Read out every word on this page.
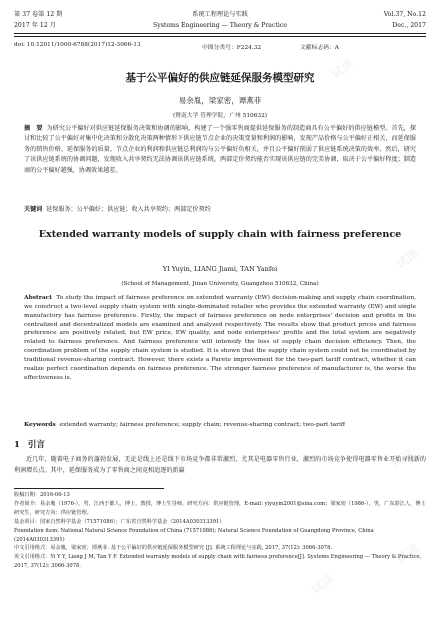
试读
试读
试读
试读
试读
试读
试读
第 37 卷第 12 期	系统工程理论与实践	Vol.37, No.12
2017 年 12 月	Systems Engineering — Theory & Practice	Dec., 2017
doi: 10.12011/1000-6788(2017)12-3066-13	中图分类号：F224.32	文献标志码：A
基于公平偏好的供应链延保服务模型研究
易余胤，梁家密，谭燕菲
(暨南大学 管理学院，广州 510632)
摘　要 为研究公平偏好对供应链延保服务决策和协调的影响，构建了一个强零售商提供延保服务的制造商具有公平偏好的供应链模型。首先，探讨和比较了公平偏好对集中化决策和分散化决策两种情形下供应链节点企业的决策变量和利润的影响，发现产品价格与公平偏好正相关，而延保服务的销售价格、延保服务的质量、节点企业的利润和供应链总利润均与公平偏好负相关，并且公平偏好削弱了供应链系统决策的效率。然后，研究了该供应链系统的协调问题，发现收入共享契约无法协调该供应链系统。两部定价契约能否实现该供应链的完美协调，取决于公平偏好程度；制造商的公平偏好越强，协调效果越差。
关键词 延保服务；公平偏好；供应链；收入共享契约；两部定价契约
Extended warranty models of supply chain with fairness preference
YI Yuyin, LIANG Jiami, TAN Yanfei
(School of Management, Jinan University, Guangzhou 510632, China)
Abstract To study the impact of fairness preference on extended warranty (EW) decision-making and supply chain coordination, we construct a two-level supply chain system with single-dominated retailer who provides the extended warranty (EW) and single manufactory has fairness preference. Firstly, the impact of fairness preference on node enterprises' decision and profits in the centralized and decentralized models are examined and analyzed respectively. The results show that product prices and fairness preference are positively related, but EW price, EW quality, and node enterprises' profits and the total system are negatively related to fairness preference. And fairness preference will intensify the loss of supply chain decision efficiency. Then, the coordination problem of the supply chain system is studied. It is shown that the supply chain system could not be coordinated by traditional revenue-sharing contract. However, there exists a Pareto improvement for the two-part tariff contract, whether it can realize perfect coordination depends on fairness preference. The stronger fairness preference of manufacturer is, the worse the effectiveness is.
Keywords extended warranty; fairness preference; supply chain; revenue-sharing contract; two-part tariff
1 引言
近几年，随着电子商务的蓬勃发展，无论是线上还是线下市场竞争都非常激烈，尤其是电器零售行业，激烈的市场竞争使得电器零售业开始寻找新的利润增长点。其中，延保服务成为了零售商之间竞相追逐的新赢
收稿日期：2016-06-13
作者简介：易余胤（1976-），男，江西于都人，博士，教授，博士生导师，研究方向：供应链管理，E-mail: yiyuyin2001@sina.com；梁家密（1986-），男，广东湛江人，博士研究生，研究方向：供应链管理。
基金项目：国家自然科学基金（71571086）；广东省自然科学基金（2014A030313391）
Foundation item: National Natural Science Foundation of China (71571086); Natural Science Foundation of Guangdong Province, China (2014A030313391)
中文引用格式：易余胤，梁家密，谭燕菲. 基于公平偏好的供应链延保服务模型研究 [J]. 系统工程理论与实践, 2017, 37(12): 3066-3078.
英文引用格式：Yi Y Y, Liang J M, Tan Y F. Extended warranty models of supply chain with fairness preference[J]. Systems Engineering — Theory & Practice, 2017, 37(12): 3066-3078.
